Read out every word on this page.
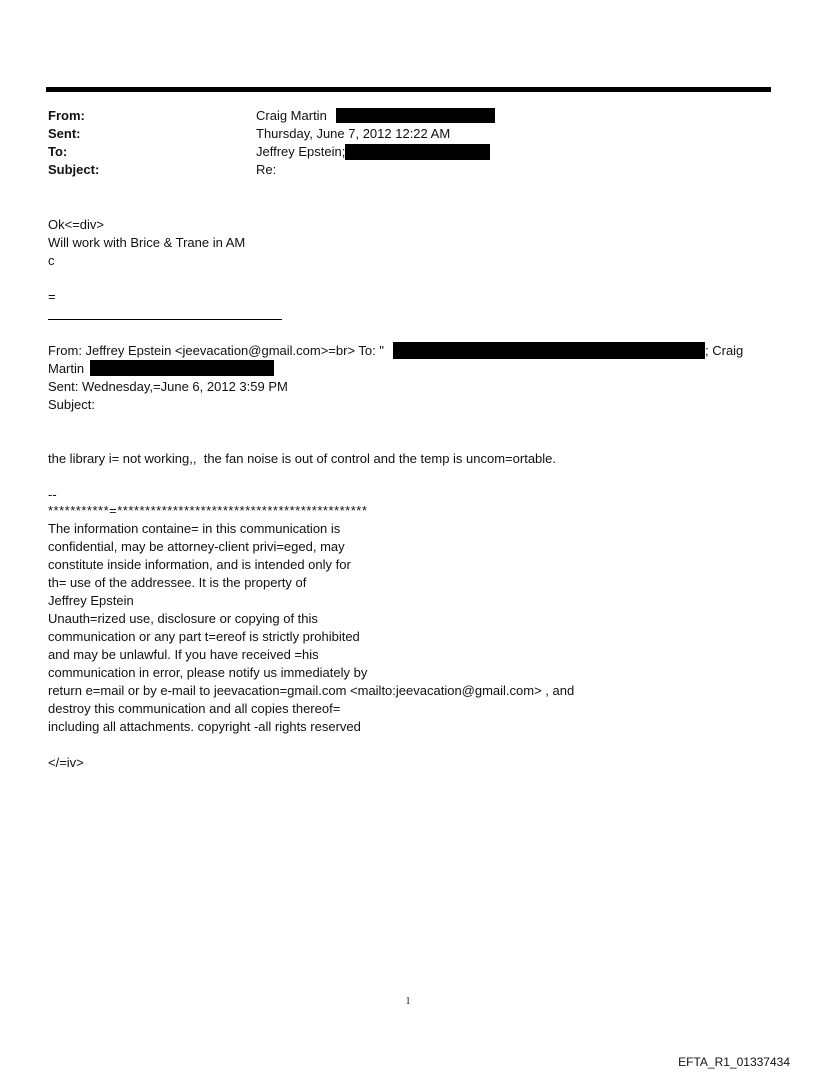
From:
Sent:
To:
Subject:
Craig Martin
Thursday, June 7, 2012 12:22 AM
Jeffrey Epstein;
Re:
Ok<=div>
Will work with Brice & Trane in AM
c
=
From: Jeffrey Epstein <jeevacation@gmail.com>=br> To: "	; Craig
Martin
Sent: Wednesday,=June 6, 2012 3:59 PM
Subject:
the library i= not working,,  the fan noise is out of control and the temp is uncom=ortable.
--
***********=*********************************************
The information containe= in this communication is
confidential, may be attorney-client privi=eged, may
constitute inside information, and is intended only for
th= use of the addressee. It is the property of
Jeffrey Epstein
Unauth=rized use, disclosure or copying of this
communication or any part t=ereof is strictly prohibited
and may be unlawful. If you have received =his
communication in error, please notify us immediately by
return e=mail or by e-mail to jeevacation=gmail.com <mailto:jeevacation@gmail.com> , and
destroy this communication and all copies thereof=
including all attachments. copyright -all rights reserved
</=iv>
1
EFTA_R1_01337434
